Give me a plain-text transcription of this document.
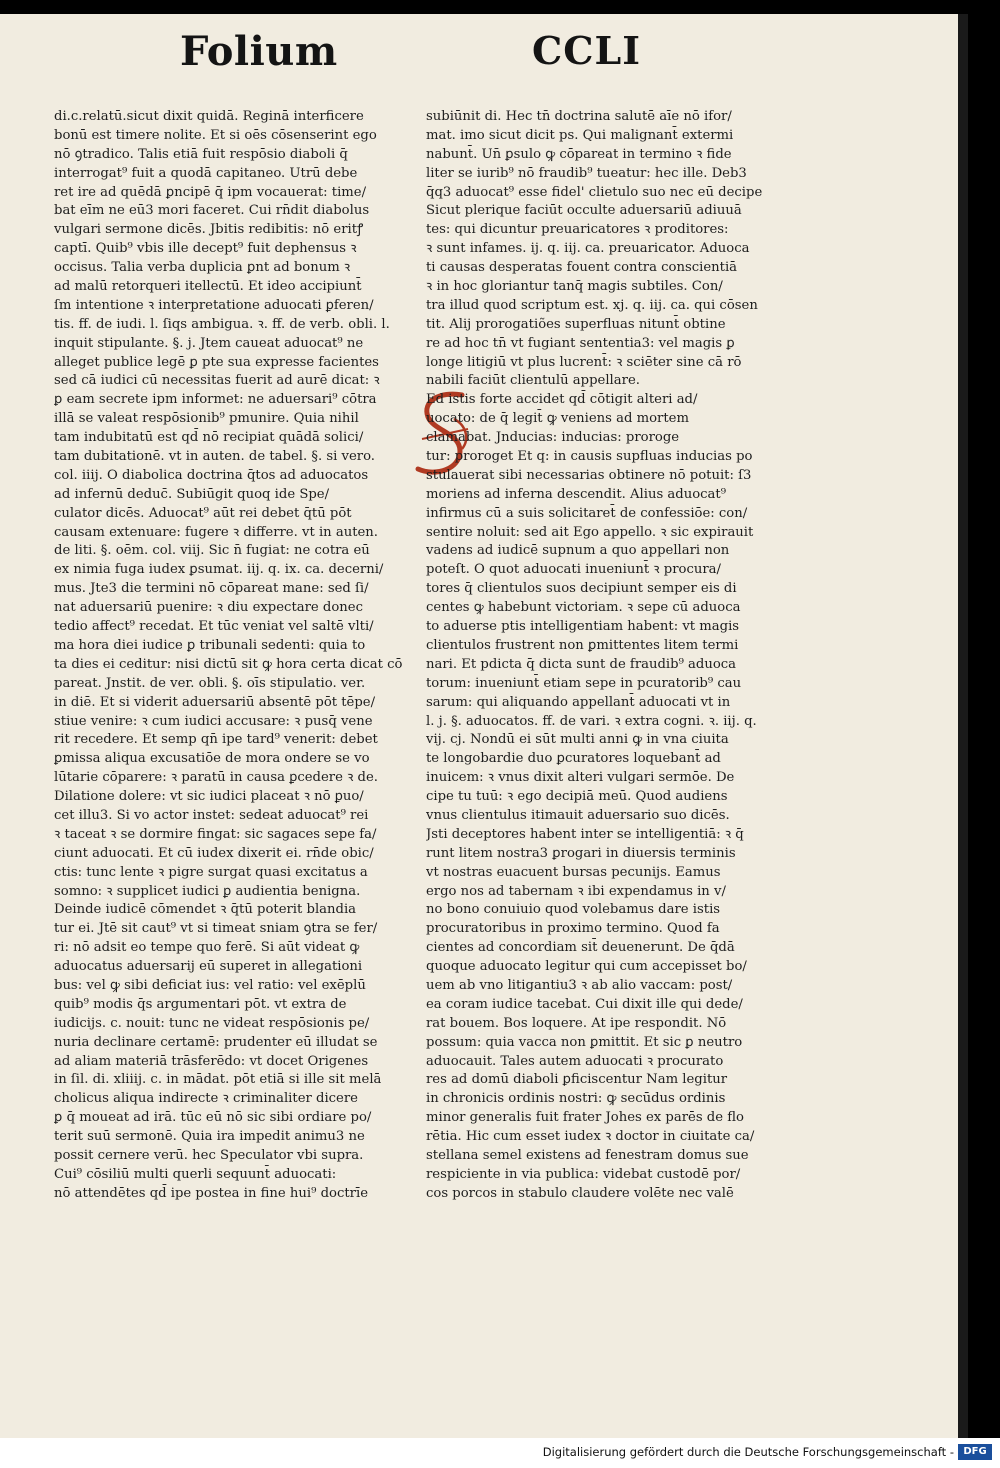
Folium	CCLI
di.c.relatū.sicut dixit quidā. Reginā interficere
bonū est timere nolite. Et si oēs cōsenserint ego
nō ꝯtradico. Talis etiā fuit respōsio diaboli q̄
interrogat⁹ fuit a quodā capitaneo. Utrū debe
ret ire ad quēdā ꝑncipē q̄ ipm vocauerat: time/
bat eīm ne eū3 mori faceret. Cui rn̄dit diabolus
vulgari sermone dicēs. Jbitis redibitis: nō eritꝭ
captī. Quib⁹ vbis ille decept⁹ fuit dephensus ꝛ
occisus. Talia verba duplicia ꝑnt ad bonum ꝛ
ad malū retorqueri itellectū. Et ideo accipiunt̄
ſm intentione ꝛ interpretatione aduocati ꝑferen/
tis. ff. de iudi. l. ſiqs ambigua. ꝛ. ff. de verb. obli. l.
inquit stipulante. §. j. Jtem caueat aduocat⁹ ne
alleget publice legē ꝑ pte sua expresse facientes
sed cā iudici cū necessitas fuerit ad aurē dicat: ꝛ
ꝑ eam secrete ipm informet: ne aduersari⁹ cōtra
illā se valeat respōsionib⁹ pmunire. Quia nihil
tam indubitatū est qd̄ nō recipiat quādā solici/
tam dubitationē. vt in auten. de tabel. §. si vero.
col. iiij. O diabolica doctrina q̄tos ad aduocatos
ad infernū deduc̄. Subiūgit quoq ide Spe/
culator dicēs. Aduocat⁹ aūt rei debet q̄tū pōt
causam extenuare: fugere ꝛ differre. vt in auten.
de liti. §. oēm. col. viij. Sic n̄ fugiat: ne cotra eū
ex nimia fuga iudex ꝑsumat. iij. q. ix. ca. decerni/
mus. Jte3 die termini nō cōpareat mane: sed ſi/
nat aduersariū puenire: ꝛ diu expectare donec
tedio affect⁹ recedat. Et tūc veniat vel saltē vlti/
ma hora diei iudice ꝑ tribunali sedenti: quia to
ta dies ei ceditur: nisi dictū sit ꝙ hora certa dicat cō
pareat. Jnstit. de ver. obli. §. oīs stipulatio. ver.
in diē. Et si viderit aduersariū absentē pōt tēpe/
stiue venire: ꝛ cum iudici accusare: ꝛ pusq̄ vene
rit recedere. Et semp qn̄ ipe tard⁹ venerit: debet
ꝑmissa aliqua excusatiōe de mora ondere se vo
lūtarie cōparere: ꝛ paratū in causa ꝑcedere ꝛ de.
Dilatione dolere: vt sic iudici placeat ꝛ nō ꝑuo/
cet illu3. Si vo actor instet: sedeat aduocat⁹ rei
ꝛ taceat ꝛ se dormire fingat: sic sagaces sepe fa/
ciunt aduocati. Et cū iudex dixerit ei. rn̄de obic/
ctis: tunc lente ꝛ pigre surgat quasi excitatus a
somno: ꝛ supplicet iudici ꝑ audientia benigna.
Deinde iudicē cōmendet ꝛ q̄tū poterit blandia
tur ei. Jtē sit caut⁹ vt si timeat sniam ꝯtra se fer/
ri: nō adsit eo tempe quo ferē. Si aūt videat ꝙ
aduocatus aduersarij eū superet in allegationi
bus: vel ꝙ sibi deficiat ius: vel ratio: vel exēplū
quib⁹ modis q̄s argumentari pōt. vt extra de
iudicijs. c. nouit: tunc ne videat respōsionis pe/
nuria declinare certamē: prudenter eū illudat se
ad aliam materiā trāsferēdo: vt docet Origenes
in ſil. di. xliiij. c. in mādat. pōt etiā si ille sit melā
cholicus aliqua indirecte ꝛ criminaliter dicere
ꝑ q̄ moueat ad irā. tūc eū nō sic sibi ordiare po/
terit suū sermonē. Quia ira impedit animu3 ne
possit cernere verū. hec Speculator vbi supra.
Cui⁹ cōsiliū multi querli sequunt̄ aduocati:
nō attendētes qd̄ ipe postea in fine hui⁹ doctrīe
subiūnit di. Hec tn̄ doctrina salutē aīe nō ifor/
mat. imo sicut dicit ps. Qui malignant̄ extermi
nabunt̄. Un̄ ꝑsulo ꝙ cōpareat in termino ꝛ fide
liter se iurib⁹ nō fraudib⁹ tueatur: hec ille. Deb3
q̄q3 aduocat⁹ esse fidel' clietulo suo nec eū decipe
Sicut plerique faciūt occulte aduersariū adiuuā
tes: qui dicuntur preuaricatores ꝛ proditores:
ꝛ sunt infames. ij. q. iij. ca. preuaricator. Aduoca
ti causas desperatas fouent contra conscientiā
ꝛ in hoc gloriantur tanq̄ magis subtiles. Con/
tra illud quod scriptum est. xj. q. iij. ca. qui cōsen
tit. Alij prorogatiões superfluas nitunt̄ obtine
re ad hoc tn̄ vt fugiant sententia3: vel magis ꝑ
longe litigiū vt plus lucrent̄: ꝛ sciēter sine cā rō
nabili faciūt clientulū appellare.
Ed istis forte accidet qd̄ cōtigit alteri ad/
uocato: de q̄ legit̄ ꝙ veniens ad mortem
clamabat. Jnducias: inducias: proroge
tur: proroget Et q: in causis supfluas inducias po
stulauerat sibi necessarias obtinere nō potuit: ſ3
moriens ad inferna descendit. Alius aduocat⁹
infirmus cū a suis solicitaret̄ de confessiōe: con/
sentire noluit: sed ait Ego appello. ꝛ sic expirauit
vadens ad iudicē supnum a quo appellari non
poteſt. O quot aduocati inueniunt̄ ꝛ procura/
tores q̄ clientulos suos decipiunt semper eis di
centes ꝙ habebunt victoriam. ꝛ sepe cū aduoca
to aduerse ptis intelligentiam habent: vt magis
clientulos frustrent non ꝑmittentes litem termi
nari. Et pdicta q̄ dicta sunt de fraudib⁹ aduoca
torum: inueniunt̄ etiam sepe in pcuratorib⁹ cau
sarum: qui aliquando appellant̄ aduocati vt in
l. j. §. aduocatos. ff. de vari. ꝛ extra cogni. ꝛ. iij. q.
vij. cj. Nondū ei sūt multi anni ꝙ in vna ciuita
te longobardie duo ꝑcuratores loquebant̄ ad
inuicem: ꝛ vnus dixit alteri vulgari sermōe. De
cipe tu tuū: ꝛ ego decipiā meū. Quod audiens
vnus clientulus itimauit aduersario suo dicēs.
Jsti deceptores habent inter se intelligentiā: ꝛ q̄
runt litem nostra3 ꝑrogari in diuersis terminis
vt nostras euacuent bursas pecunijs. Eamus
ergo nos ad tabernam ꝛ ibi expendamus in v/
no bono conuiuio quod volebamus dare istis
procuratoribus in proximo termino. Quod fa
cientes ad concordiam sit̄ deuenerunt. De q̄dā
quoque aduocato legitur qui cum accepisset bo/
uem ab vno litigantiu3 ꝛ ab alio vaccam: post/
ea coram iudice tacebat. Cui dixit ille qui dede/
rat bouem. Bos loquere. At ipe respondit. Nō
possum: quia vacca non ꝑmittit. Et sic ꝑ neutro
aduocauit. Tales autem aduocati ꝛ procurato
res ad domū diaboli ꝑficiscentur Nam legitur
in chronicis ordinis nostri: ꝙ secūdus ordinis
minor generalis fuit frater Johes ex parēs de flo
rētia. Hic cum esset iudex ꝛ doctor in ciuitate ca/
stellana semel existens ad fenestram domus sue
respiciente in via publica: videbat custodē por/
cos porcos in stabulo claudere volēte nec valē
Digitalisierung gefördert durch die Deutsche Forschungsgemeinschaft - DFG
